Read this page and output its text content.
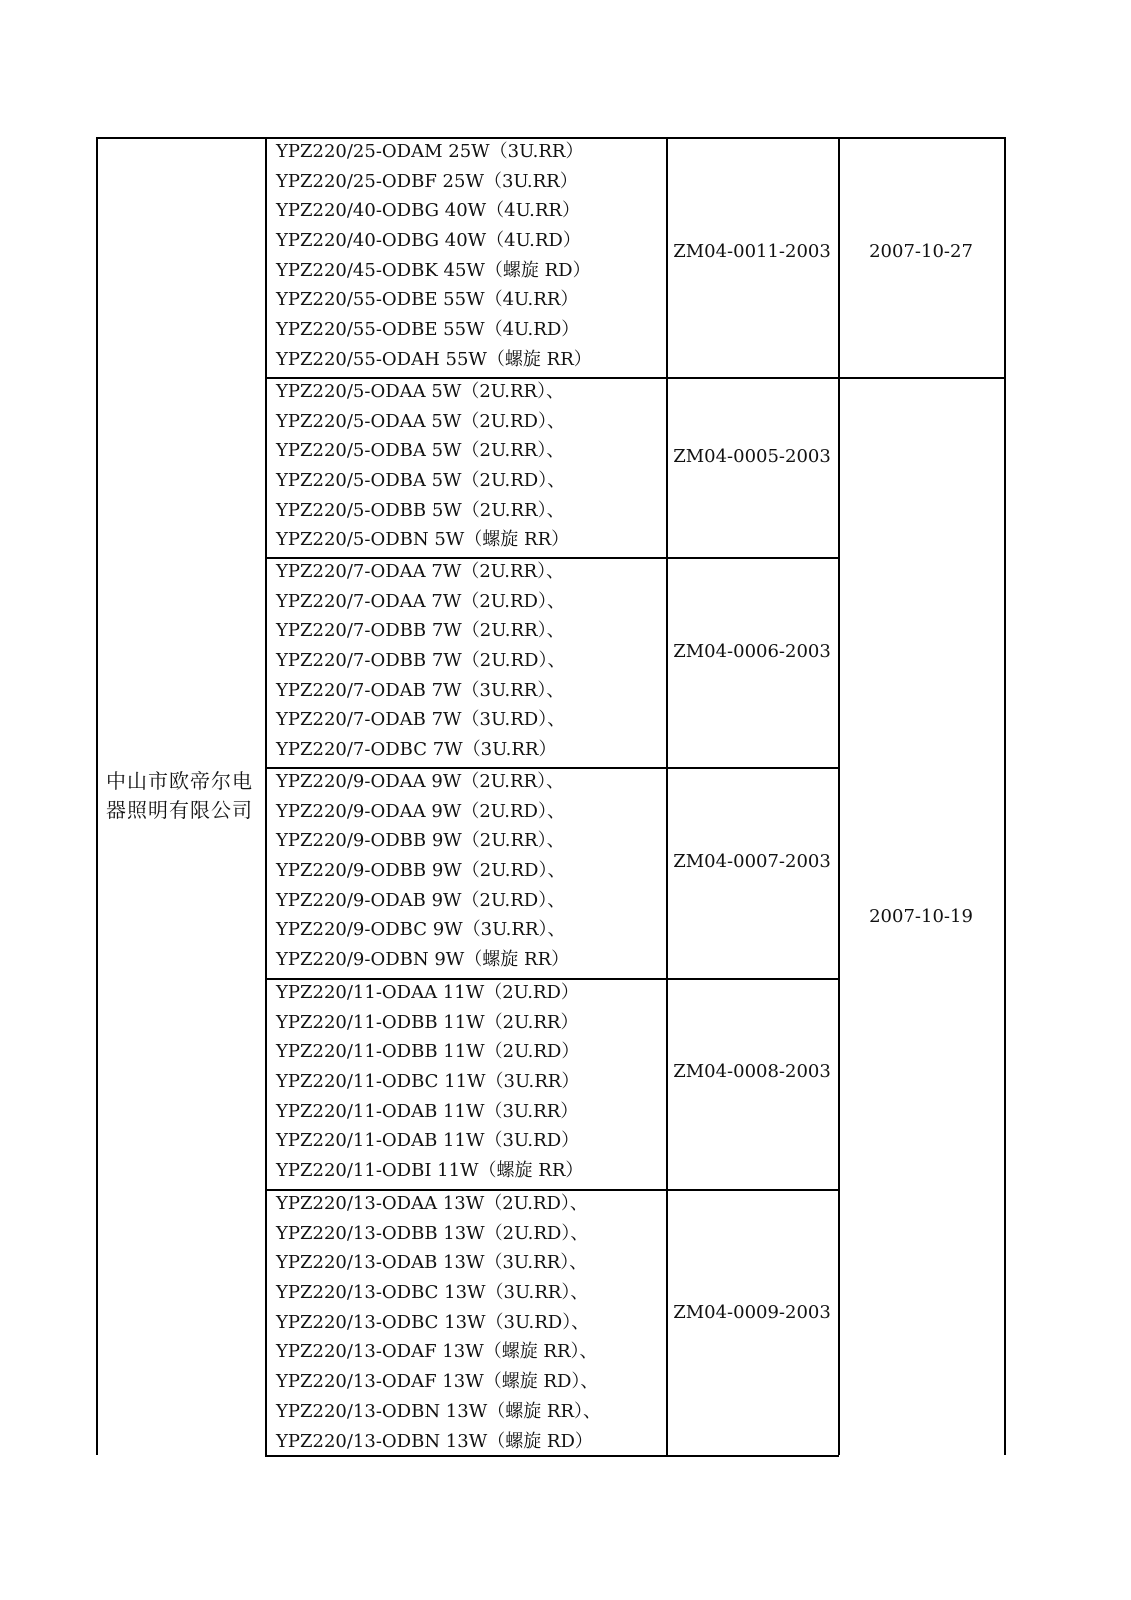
中山市欧帝尔电
器照明有限公司
YPZ220/25-ODAM 25W（3U.RR）
YPZ220/25-ODBF 25W（3U.RR）
YPZ220/40-ODBG 40W（4U.RR）
YPZ220/40-ODBG 40W（4U.RD）
YPZ220/45-ODBK 45W（螺旋 RD）
YPZ220/55-ODBE 55W（4U.RR）
YPZ220/55-ODBE 55W（4U.RD）
YPZ220/55-ODAH 55W（螺旋 RR）
YPZ220/5-ODAA 5W（2U.RR）、
YPZ220/5-ODAA 5W（2U.RD）、
YPZ220/5-ODBA 5W（2U.RR）、
YPZ220/5-ODBA 5W（2U.RD）、
YPZ220/5-ODBB 5W（2U.RR）、
YPZ220/5-ODBN 5W（螺旋 RR）
YPZ220/7-ODAA 7W（2U.RR）、
YPZ220/7-ODAA 7W（2U.RD）、
YPZ220/7-ODBB 7W（2U.RR）、
YPZ220/7-ODBB 7W（2U.RD）、
YPZ220/7-ODAB 7W（3U.RR）、
YPZ220/7-ODAB 7W（3U.RD）、
YPZ220/7-ODBC 7W（3U.RR）
YPZ220/9-ODAA 9W（2U.RR）、
YPZ220/9-ODAA 9W（2U.RD）、
YPZ220/9-ODBB 9W（2U.RR）、
YPZ220/9-ODBB 9W（2U.RD）、
YPZ220/9-ODAB 9W（2U.RD）、
YPZ220/9-ODBC 9W（3U.RR）、
YPZ220/9-ODBN 9W（螺旋 RR）
YPZ220/11-ODAA 11W（2U.RD）
YPZ220/11-ODBB 11W（2U.RR）
YPZ220/11-ODBB 11W（2U.RD）
YPZ220/11-ODBC 11W（3U.RR）
YPZ220/11-ODAB 11W（3U.RR）
YPZ220/11-ODAB 11W（3U.RD）
YPZ220/11-ODBI 11W（螺旋 RR）
YPZ220/13-ODAA 13W（2U.RD）、
YPZ220/13-ODBB 13W（2U.RD）、
YPZ220/13-ODAB 13W（3U.RR）、
YPZ220/13-ODBC 13W（3U.RR）、
YPZ220/13-ODBC 13W（3U.RD）、
YPZ220/13-ODAF 13W（螺旋 RR）、
YPZ220/13-ODAF 13W（螺旋 RD）、
YPZ220/13-ODBN 13W（螺旋 RR）、
YPZ220/13-ODBN 13W（螺旋 RD）
ZM04-0011-2003
ZM04-0005-2003
ZM04-0006-2003
ZM04-0007-2003
ZM04-0008-2003
ZM04-0009-2003
2007-10-27
2007-10-19
